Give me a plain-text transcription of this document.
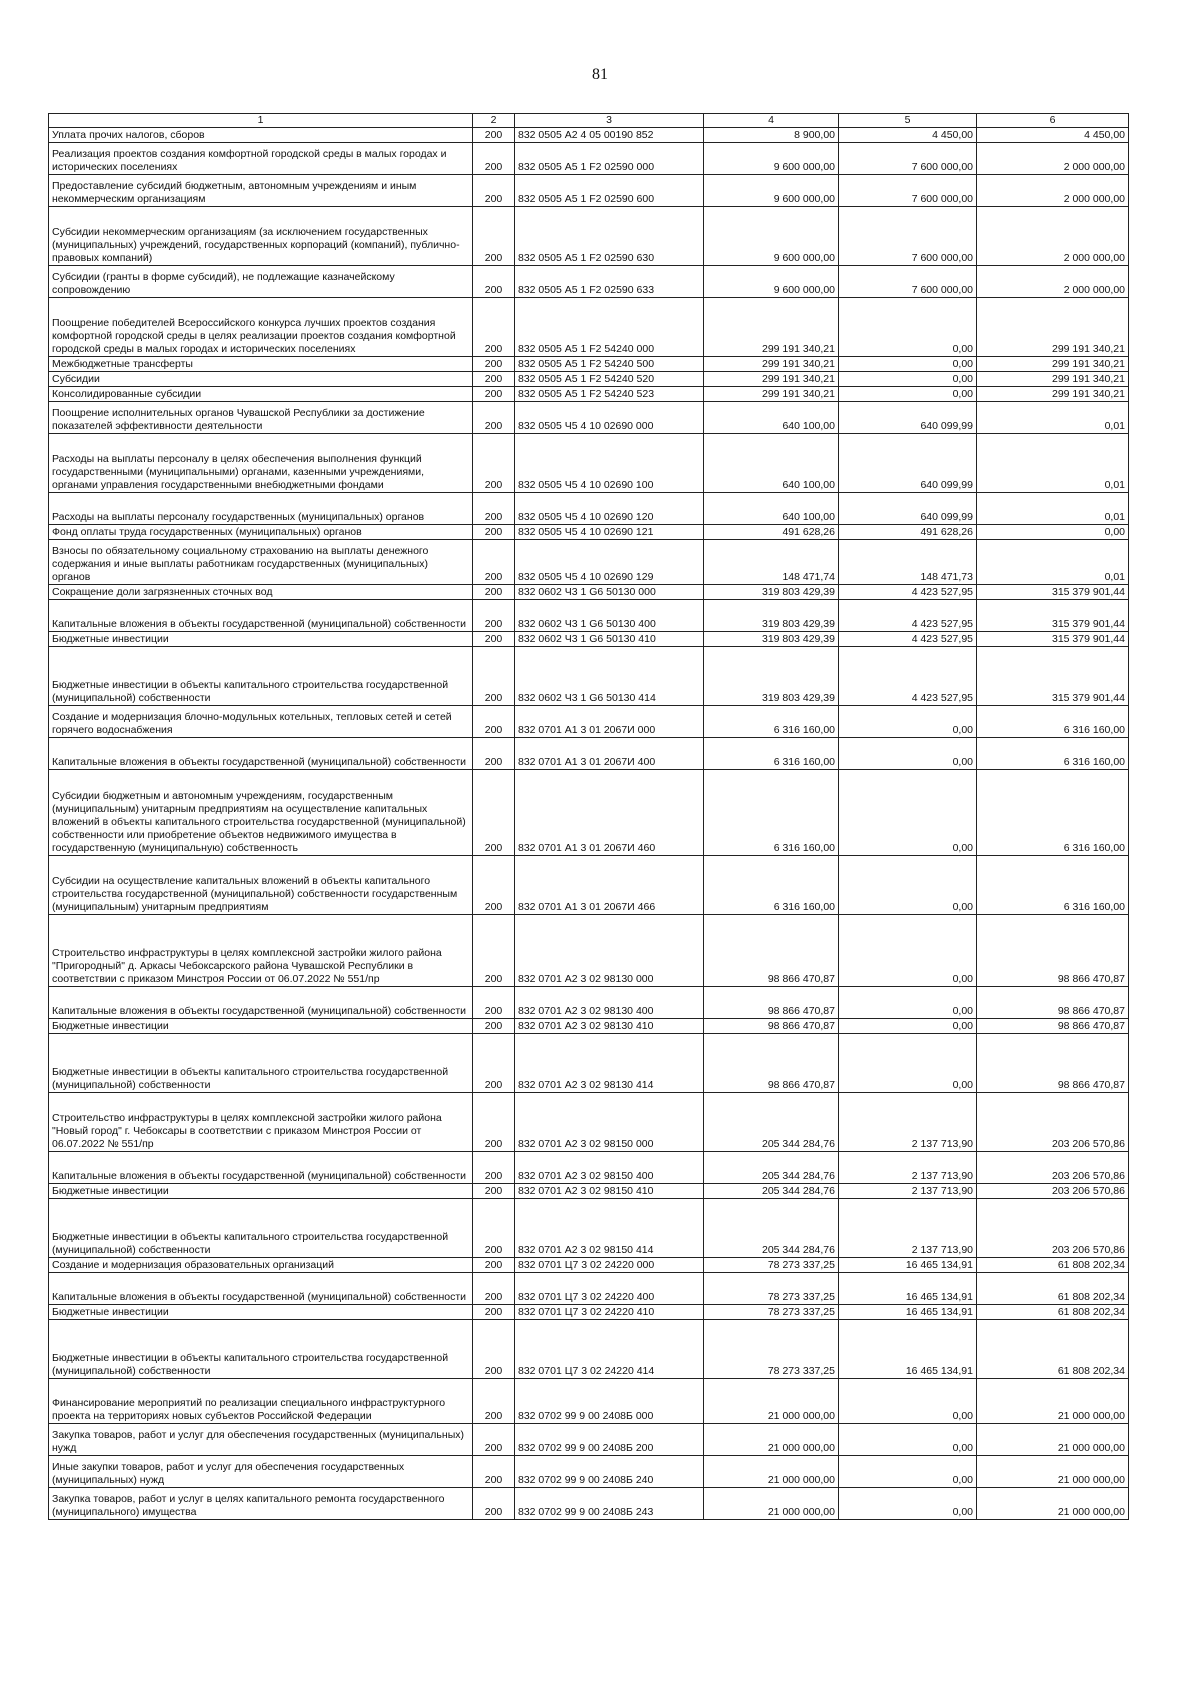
81
1	2	3	4	5	6
Уплата прочих налогов, сборов	200	832 0505 А2 4 05 00190 852	8 900,00	4 450,00	4 450,00
Реализация проектов создания комфортной городской среды в малых городах и исторических поселениях	200	832 0505 А5 1 F2 02590 000	9 600 000,00	7 600 000,00	2 000 000,00
Предоставление субсидий бюджетным, автономным учреждениям и иным некоммерческим организациям	200	832 0505 А5 1 F2 02590 600	9 600 000,00	7 600 000,00	2 000 000,00
Субсидии некоммерческим организациям (за исключением государственных (муниципальных) учреждений, государственных корпораций (компаний), публично-правовых компаний)	200	832 0505 А5 1 F2 02590 630	9 600 000,00	7 600 000,00	2 000 000,00
Субсидии (гранты в форме субсидий), не подлежащие казначейскому сопровождению	200	832 0505 А5 1 F2 02590 633	9 600 000,00	7 600 000,00	2 000 000,00
Поощрение победителей Всероссийского конкурса лучших проектов создания комфортной городской среды в целях реализации проектов создания комфортной городской среды в малых городах и исторических поселениях	200	832 0505 А5 1 F2 54240 000	299 191 340,21	0,00	299 191 340,21
Межбюджетные трансферты	200	832 0505 А5 1 F2 54240 500	299 191 340,21	0,00	299 191 340,21
Субсидии	200	832 0505 А5 1 F2 54240 520	299 191 340,21	0,00	299 191 340,21
Консолидированные субсидии	200	832 0505 А5 1 F2 54240 523	299 191 340,21	0,00	299 191 340,21
Поощрение исполнительных органов Чувашской Республики за достижение показателей эффективности деятельности	200	832 0505 Ч5 4 10 02690 000	640 100,00	640 099,99	0,01
Расходы на выплаты персоналу в целях обеспечения выполнения функций государственными (муниципальными) органами, казенными учреждениями, органами управления государственными внебюджетными фондами	200	832 0505 Ч5 4 10 02690 100	640 100,00	640 099,99	0,01
Расходы на выплаты персоналу государственных (муниципальных) органов	200	832 0505 Ч5 4 10 02690 120	640 100,00	640 099,99	0,01
Фонд оплаты труда государственных (муниципальных) органов	200	832 0505 Ч5 4 10 02690 121	491 628,26	491 628,26	0,00
Взносы по обязательному социальному страхованию на выплаты денежного содержания и иные выплаты работникам государственных (муниципальных) органов	200	832 0505 Ч5 4 10 02690 129	148 471,74	148 471,73	0,01
Сокращение доли загрязненных сточных вод	200	832 0602 Ч3 1 G6 50130 000	319 803 429,39	4 423 527,95	315 379 901,44
Капитальные вложения в объекты государственной (муниципальной) собственности	200	832 0602 Ч3 1 G6 50130 400	319 803 429,39	4 423 527,95	315 379 901,44
Бюджетные инвестиции	200	832 0602 Ч3 1 G6 50130 410	319 803 429,39	4 423 527,95	315 379 901,44
Бюджетные инвестиции в объекты капитального строительства государственной (муниципальной) собственности	200	832 0602 Ч3 1 G6 50130 414	319 803 429,39	4 423 527,95	315 379 901,44
Создание и модернизация блочно-модульных котельных, тепловых сетей и сетей горячего водоснабжения	200	832 0701 А1 3 01 2067И 000	6 316 160,00	0,00	6 316 160,00
Капитальные вложения в объекты государственной (муниципальной) собственности	200	832 0701 А1 3 01 2067И 400	6 316 160,00	0,00	6 316 160,00
Субсидии бюджетным и автономным учреждениям, государственным (муниципальным) унитарным предприятиям на осуществление капитальных вложений в объекты капитального строительства государственной (муниципальной) собственности или приобретение объектов недвижимого имущества в государственную (муниципальную) собственность	200	832 0701 А1 3 01 2067И 460	6 316 160,00	0,00	6 316 160,00
Субсидии на осуществление капитальных вложений в объекты капитального строительства государственной (муниципальной) собственности государственным (муниципальным) унитарным предприятиям	200	832 0701 А1 3 01 2067И 466	6 316 160,00	0,00	6 316 160,00
Строительство инфраструктуры в целях комплексной застройки жилого района "Пригородный" д. Аркасы Чебоксарского района Чувашской Республики в соответствии с приказом Минстроя России от 06.07.2022 № 551/пр	200	832 0701 А2 3 02 98130 000	98 866 470,87	0,00	98 866 470,87
Капитальные вложения в объекты государственной (муниципальной) собственности	200	832 0701 А2 3 02 98130 400	98 866 470,87	0,00	98 866 470,87
Бюджетные инвестиции	200	832 0701 А2 3 02 98130 410	98 866 470,87	0,00	98 866 470,87
Бюджетные инвестиции в объекты капитального строительства государственной (муниципальной) собственности	200	832 0701 А2 3 02 98130 414	98 866 470,87	0,00	98 866 470,87
Строительство инфраструктуры в целях комплексной застройки жилого района "Новый город" г. Чебоксары в соответствии с приказом Минстроя России от 06.07.2022 № 551/пр	200	832 0701 А2 3 02 98150 000	205 344 284,76	2 137 713,90	203 206 570,86
Капитальные вложения в объекты государственной (муниципальной) собственности	200	832 0701 А2 3 02 98150 400	205 344 284,76	2 137 713,90	203 206 570,86
Бюджетные инвестиции	200	832 0701 А2 3 02 98150 410	205 344 284,76	2 137 713,90	203 206 570,86
Бюджетные инвестиции в объекты капитального строительства государственной (муниципальной) собственности	200	832 0701 А2 3 02 98150 414	205 344 284,76	2 137 713,90	203 206 570,86
Создание и модернизация образовательных организаций	200	832 0701 Ц7 3 02 24220 000	78 273 337,25	16 465 134,91	61 808 202,34
Капитальные вложения в объекты государственной (муниципальной) собственности	200	832 0701 Ц7 3 02 24220 400	78 273 337,25	16 465 134,91	61 808 202,34
Бюджетные инвестиции	200	832 0701 Ц7 3 02 24220 410	78 273 337,25	16 465 134,91	61 808 202,34
Бюджетные инвестиции в объекты капитального строительства государственной (муниципальной) собственности	200	832 0701 Ц7 3 02 24220 414	78 273 337,25	16 465 134,91	61 808 202,34
Финансирование мероприятий по реализации специального инфраструктурного проекта на территориях новых субъектов Российской Федерации	200	832 0702 99 9 00 2408Б 000	21 000 000,00	0,00	21 000 000,00
Закупка товаров, работ и услуг для обеспечения государственных (муниципальных) нужд	200	832 0702 99 9 00 2408Б 200	21 000 000,00	0,00	21 000 000,00
Иные закупки товаров, работ и услуг для обеспечения государственных (муниципальных) нужд	200	832 0702 99 9 00 2408Б 240	21 000 000,00	0,00	21 000 000,00
Закупка товаров, работ и услуг в целях капитального ремонта государственного (муниципального) имущества	200	832 0702 99 9 00 2408Б 243	21 000 000,00	0,00	21 000 000,00
